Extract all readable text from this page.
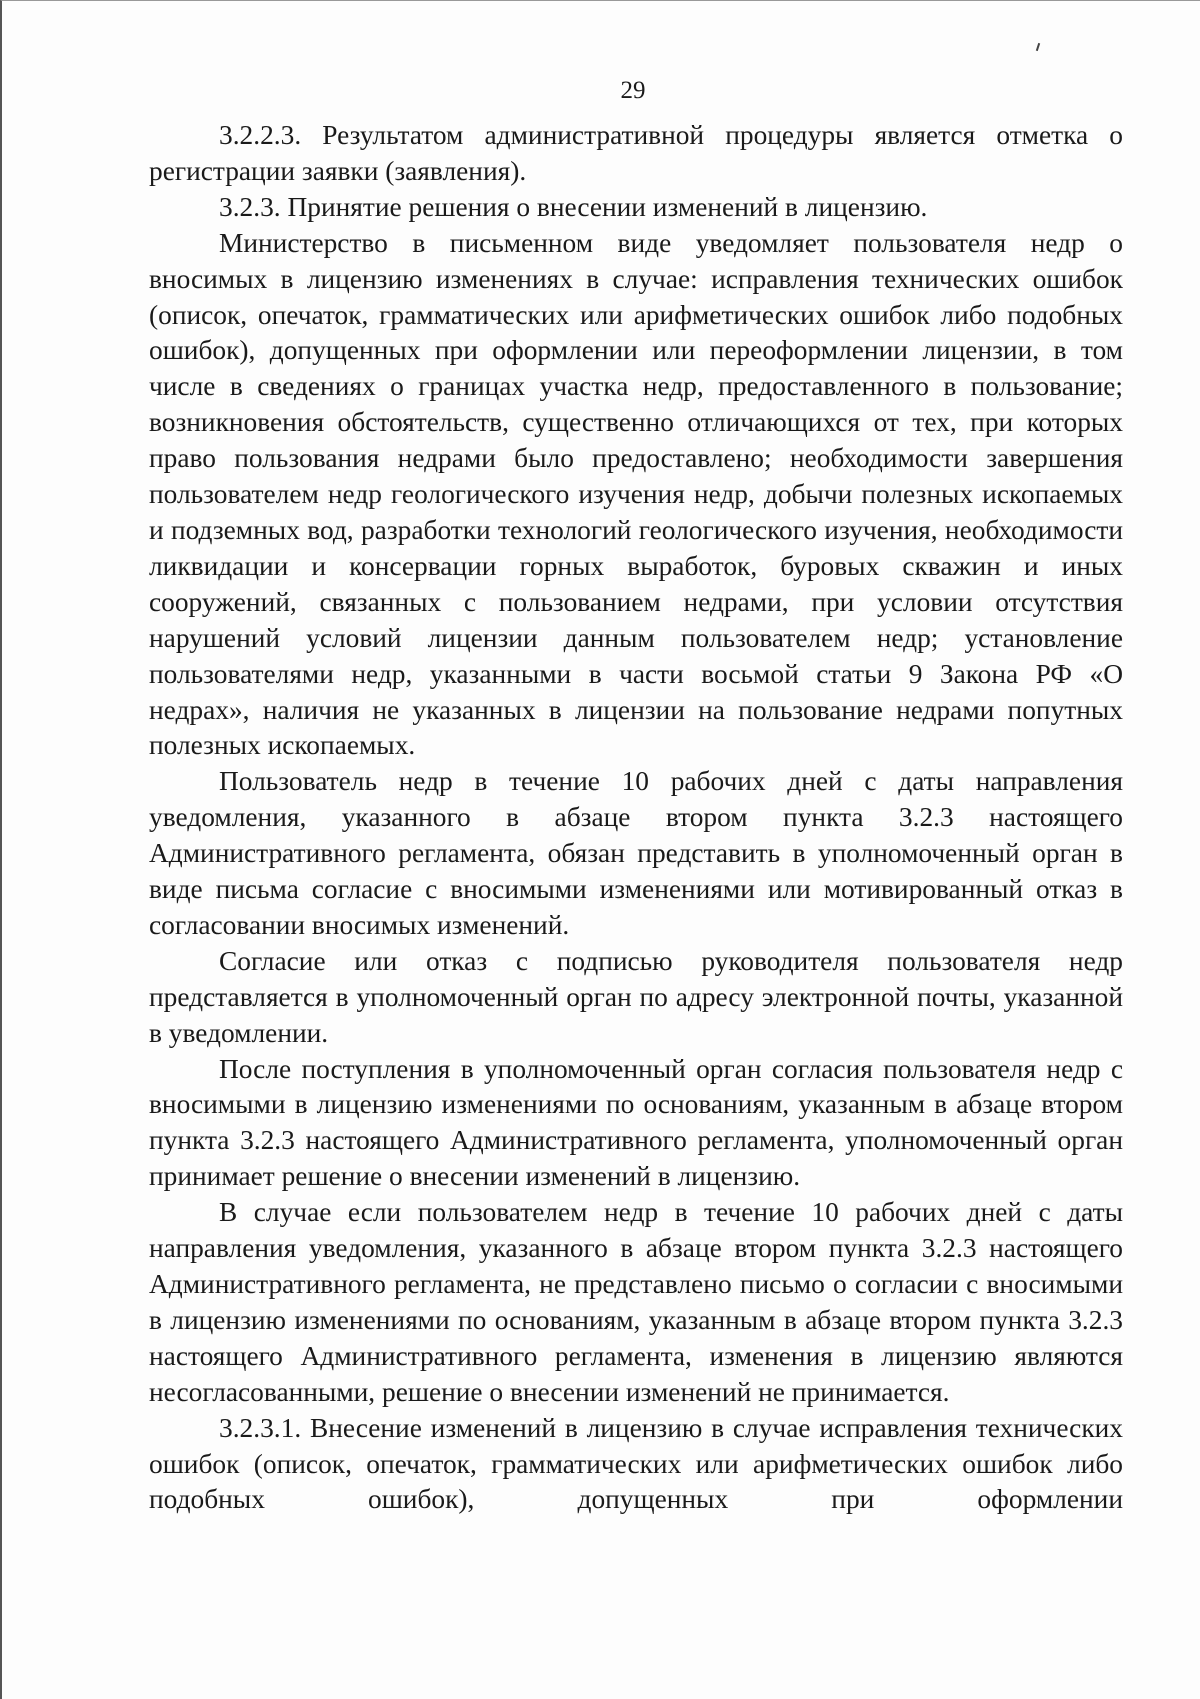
29

3.2.2.3. Результатом административной процедуры является отметка о регистрации заявки (заявления).

3.2.3. Принятие решения о внесении изменений в лицензию.

Министерство в письменном виде уведомляет пользователя недр о вносимых в лицензию изменениях в случае: исправления технических ошибок (описок, опечаток, грамматических или арифметических ошибок либо подобных ошибок), допущенных при оформлении или переоформлении лицензии, в том числе в сведениях о границах участка недр, предоставленного в пользование; возникновения обстоятельств, существенно отличающихся от тех, при которых право пользования недрами было предоставлено; необходимости завершения пользователем недр геологического изучения недр, добычи полезных ископаемых и подземных вод, разработки технологий геологического изучения, необходимости ликвидации и консервации горных выработок, буровых скважин и иных сооружений, связанных с пользованием недрами, при условии отсутствия нарушений условий лицензии данным пользователем недр; установление пользователями недр, указанными в части восьмой статьи 9 Закона РФ «О недрах», наличия не указанных в лицензии на пользование недрами попутных полезных ископаемых.

Пользователь недр в течение 10 рабочих дней с даты направления уведомления, указанного в абзаце втором пункта 3.2.3 настоящего Административного регламента, обязан представить в уполномоченный орган в виде письма согласие с вносимыми изменениями или мотивированный отказ в согласовании вносимых изменений.

Согласие или отказ с подписью руководителя пользователя недр представляется в уполномоченный орган по адресу электронной почты, указанной в уведомлении.

После поступления в уполномоченный орган согласия пользователя недр с вносимыми в лицензию изменениями по основаниям, указанным в абзаце втором пункта 3.2.3 настоящего Административного регламента, уполномоченный орган принимает решение о внесении изменений в лицензию.

В случае если пользователем недр в течение 10 рабочих дней с даты направления уведомления, указанного в абзаце втором пункта 3.2.3 настоящего Административного регламента, не представлено письмо о согласии с вносимыми в лицензию изменениями по основаниям, указанным в абзаце втором пункта 3.2.3 настоящего Административного регламента, изменения в лицензию являются несогласованными, решение о внесении изменений не принимается.

3.2.3.1. Внесение изменений в лицензию в случае исправления технических ошибок (описок, опечаток, грамматических или арифметических ошибок либо подобных ошибок), допущенных при оформлении
